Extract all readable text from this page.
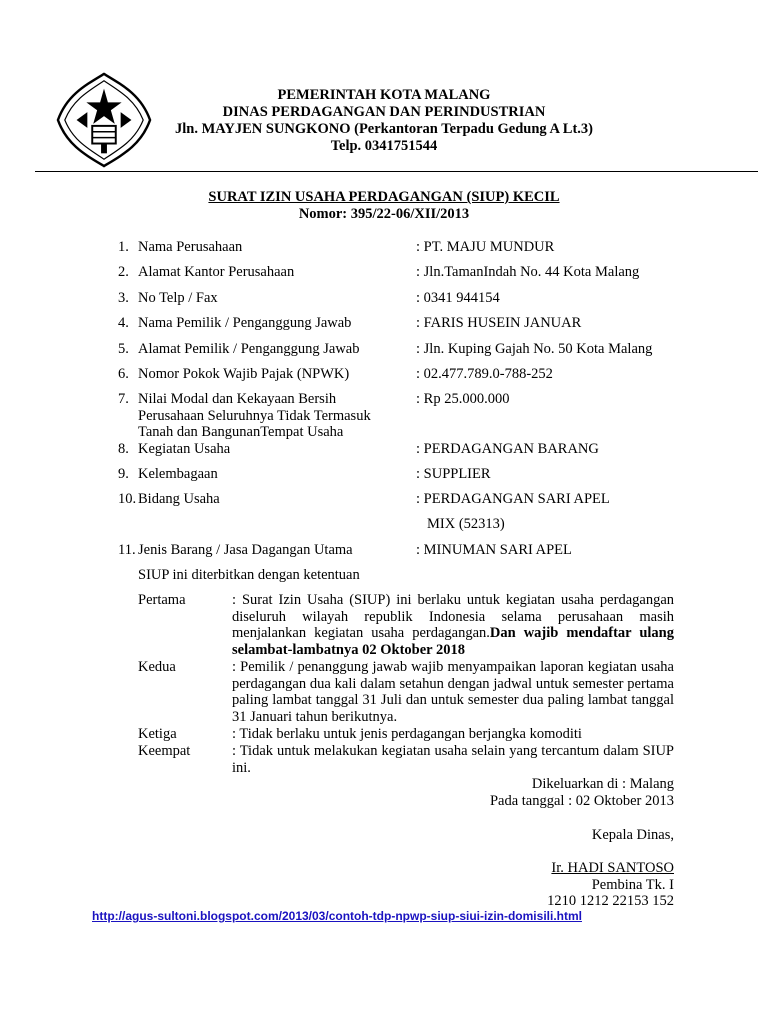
PEMERINTAH KOTA MALANG
DINAS PERDAGANGAN DAN PERINDUSTRIAN
Jln. MAYJEN SUNGKONO (Perkantoran Terpadu Gedung A Lt.3)
Telp. 0341751544
SURAT IZIN USAHA PERDAGANGAN (SIUP) KECIL
Nomor: 395/22-06/XII/2013
1. Nama Perusahaan	: PT. MAJU MUNDUR
2. Alamat Kantor Perusahaan	: Jln.TamanIndah No. 44 Kota Malang
3. No Telp / Fax	: 0341 944154
4. Nama Pemilik / Penganggung Jawab	: FARIS HUSEIN JANUAR
5. Alamat Pemilik / Penganggung Jawab	: Jln. Kuping Gajah No. 50 Kota Malang
6. Nomor Pokok Wajib Pajak (NPWK)	: 02.477.789.0-788-252
7. Nilai Modal dan Kekayaan Bersih Perusahaan Seluruhnya Tidak Termasuk Tanah dan BangunanTempat Usaha
: Rp 25.000.000
8. Kegiatan Usaha	: PERDAGANGAN BARANG
9. Kelembagaan	: SUPPLIER
10. Bidang Usaha	: PERDAGANGAN SARI APEL
MIX (52313)
11. Jenis Barang / Jasa Dagangan Utama	: MINUMAN SARI APEL
SIUP ini diterbitkan dengan ketentuan
Pertama	: Surat Izin Usaha (SIUP) ini berlaku untuk kegiatan usaha perdagangan diseluruh wilayah republik Indonesia selama perusahaan masih menjalankan kegiatan usaha perdagangan.Dan wajib mendaftar ulang selambat-lambatnya 02 Oktober 2018
Kedua	: Pemilik / penanggung jawab wajib menyampaikan laporan kegiatan usaha perdagangan dua kali dalam setahun dengan jadwal untuk semester pertama paling lambat tanggal 31 Juli dan untuk semester dua paling lambat tanggal 31 Januari tahun berikutnya.
Ketiga	: Tidak berlaku untuk jenis perdagangan berjangka komoditi
Keempat	: Tidak untuk melakukan kegiatan usaha selain yang tercantum dalam SIUP ini.
Dikeluarkan di : Malang
Pada tanggal : 02 Oktober 2013
Kepala Dinas,
Ir. HADI SANTOSO
Pembina Tk. I
1210 1212 22153 152
http://agus-sultoni.blogspot.com/2013/03/contoh-tdp-npwp-siup-siui-izin-domisili.html
